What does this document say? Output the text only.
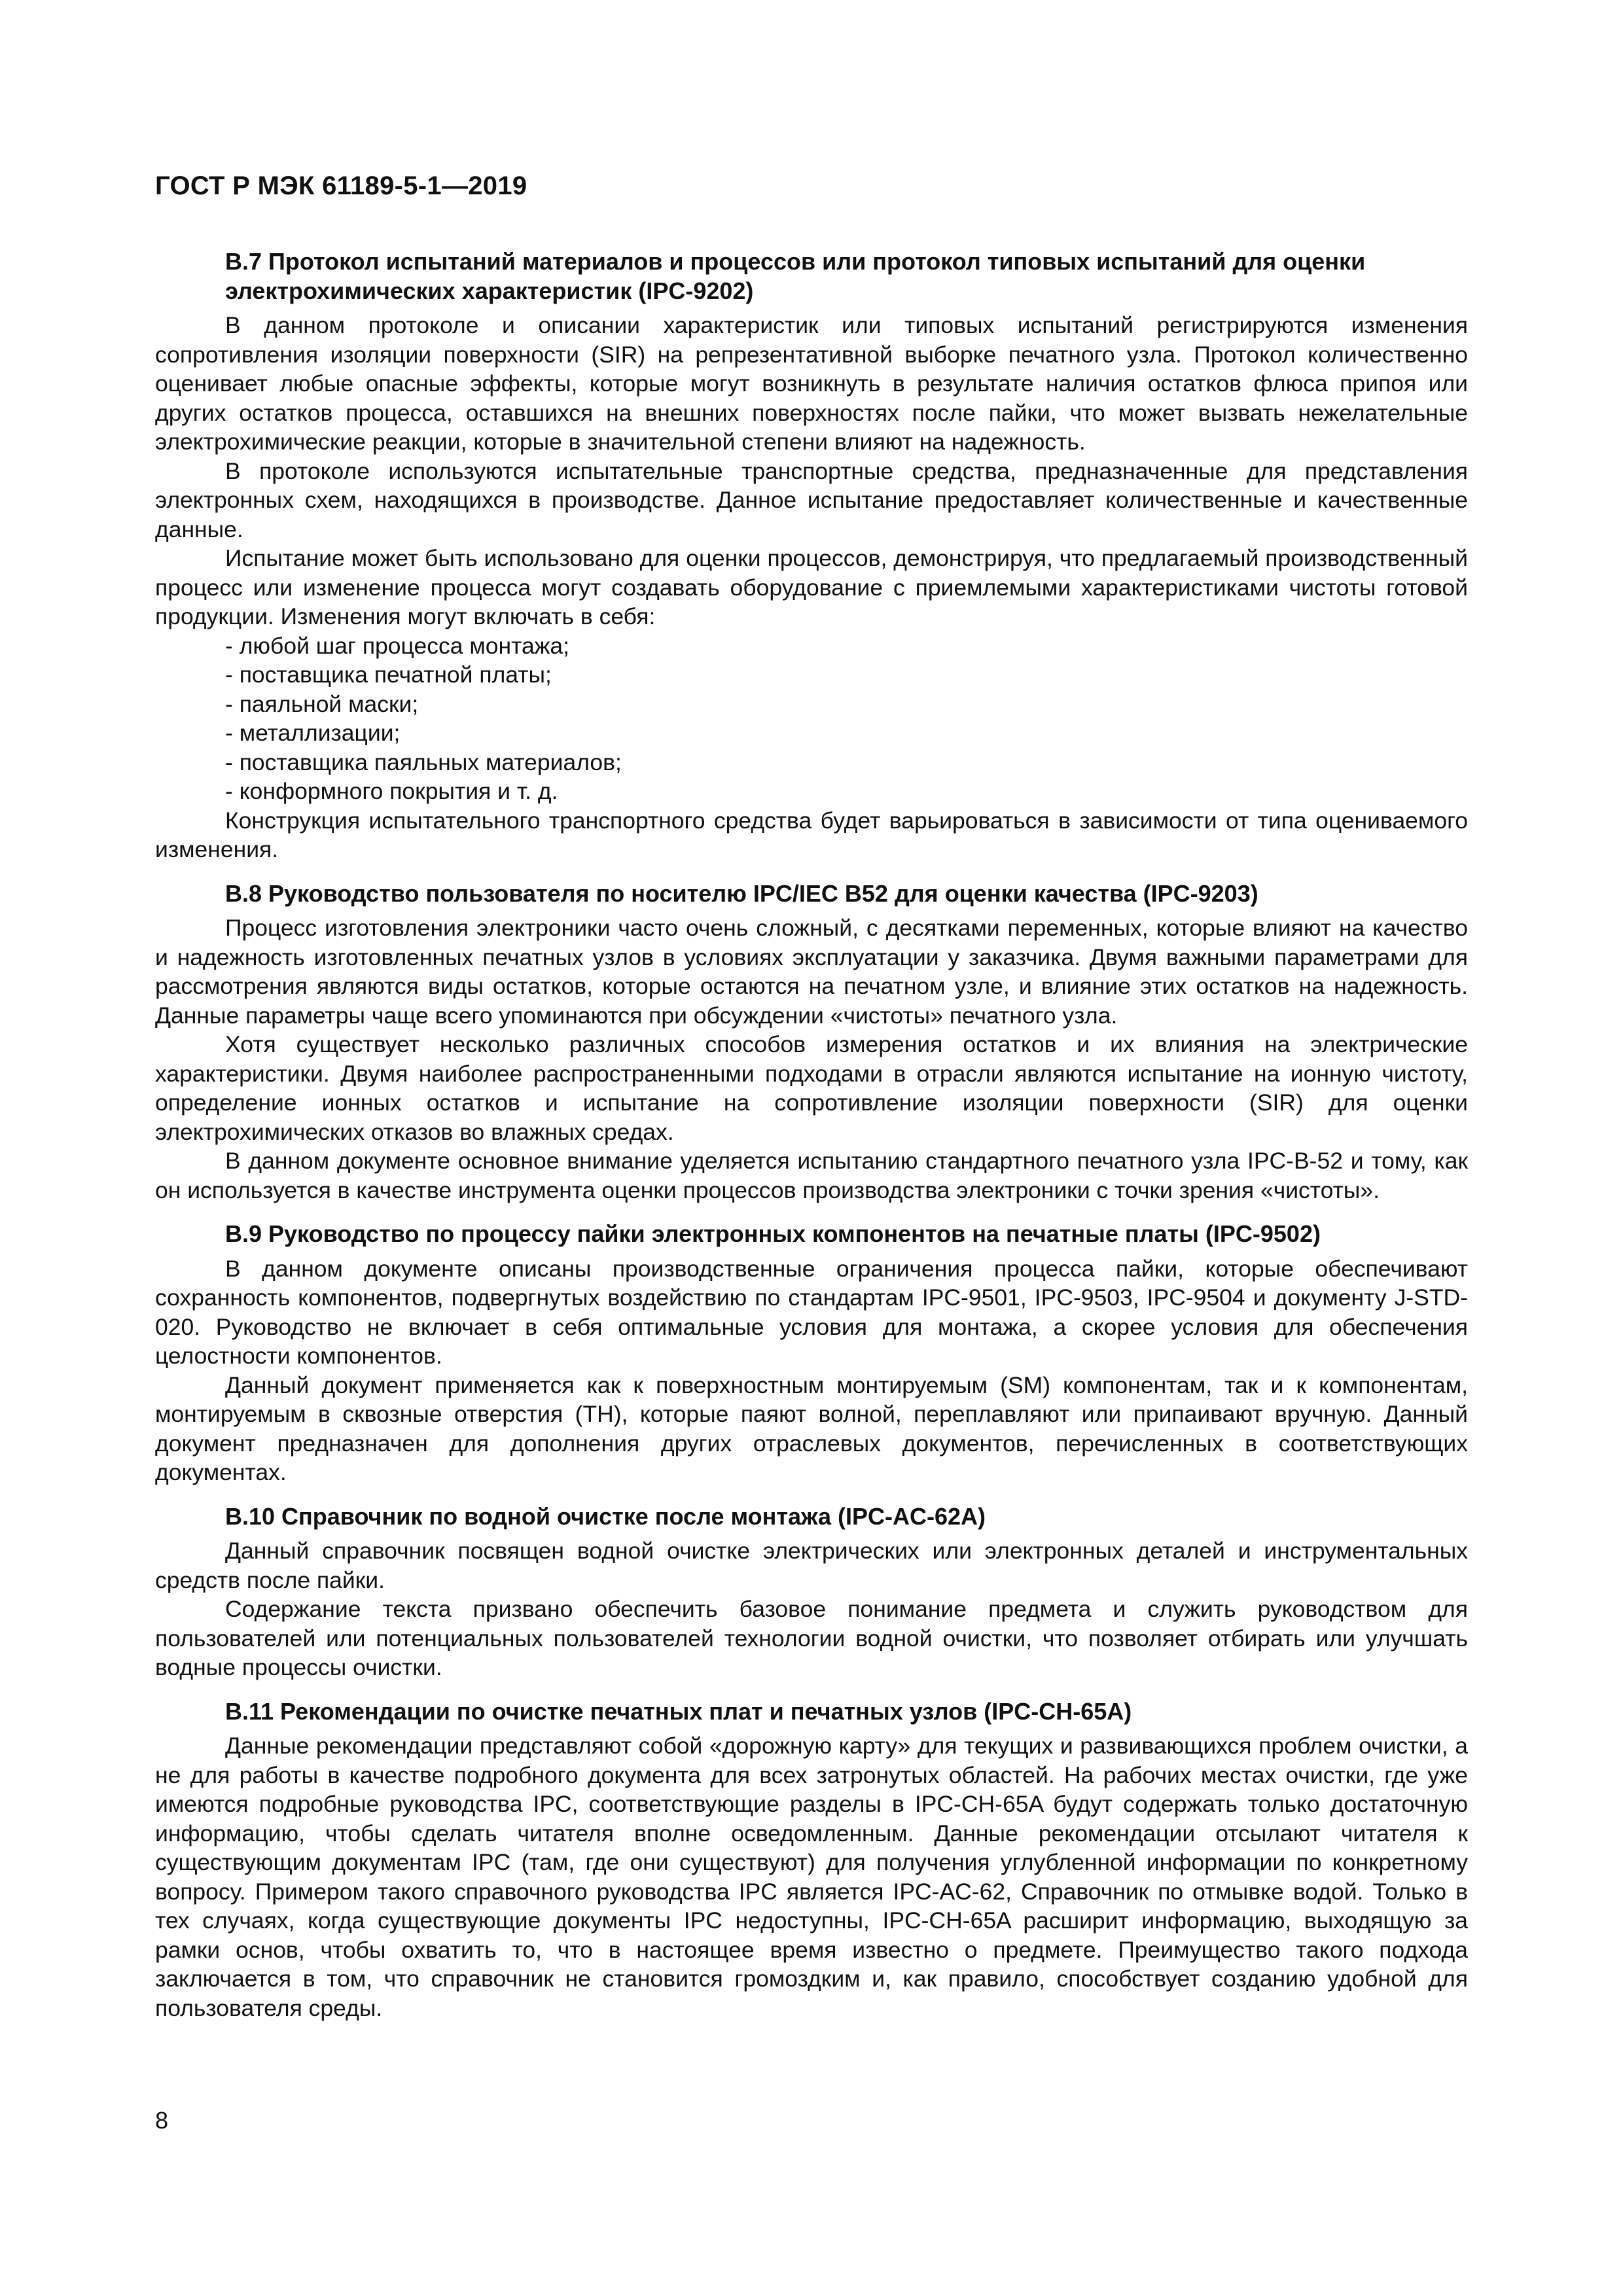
ГОСТ Р МЭК 61189-5-1—2019
B.7 Протокол испытаний материалов и процессов или протокол типовых испытаний для оценки электрохимических характеристик (IPC-9202)

В данном протоколе и описании характеристик или типовых испытаний регистрируются изменения сопротивления изоляции поверхности (SIR) на репрезентативной выборке печатного узла. Протокол количественно оценивает любые опасные эффекты, которые могут возникнуть в результате наличия остатков флюса припоя или других остатков процесса, оставшихся на внешних поверхностях после пайки, что может вызвать нежелательные электрохимические реакции, которые в значительной степени влияют на надежность.

В протоколе используются испытательные транспортные средства, предназначенные для представления электронных схем, находящихся в производстве. Данное испытание предоставляет количественные и качественные данные.

Испытание может быть использовано для оценки процессов, демонстрируя, что предлагаемый производственный процесс или изменение процесса могут создавать оборудование с приемлемыми характеристиками чистоты готовой продукции. Изменения могут включать в себя:

- любой шаг процесса монтажа;
- поставщика печатной платы;
- паяльной маски;
- металлизации;
- поставщика паяльных материалов;
- конформного покрытия и т. д.

Конструкция испытательного транспортного средства будет варьироваться в зависимости от типа оцениваемого изменения.

B.8 Руководство пользователя по носителю IPC/IEC B52 для оценки качества (IPC-9203)

Процесс изготовления электроники часто очень сложный, с десятками переменных, которые влияют на качество и надежность изготовленных печатных узлов в условиях эксплуатации у заказчика. Двумя важными параметрами для рассмотрения являются виды остатков, которые остаются на печатном узле, и влияние этих остатков на надежность. Данные параметры чаще всего упоминаются при обсуждении «чистоты» печатного узла.

Хотя существует несколько различных способов измерения остатков и их влияния на электрические характеристики. Двумя наиболее распространенными подходами в отрасли являются испытание на ионную чистоту, определение ионных остатков и испытание на сопротивление изоляции поверхности (SIR) для оценки электрохимических отказов во влажных средах.

В данном документе основное внимание уделяется испытанию стандартного печатного узла IPC-B-52 и тому, как он используется в качестве инструмента оценки процессов производства электроники с точки зрения «чистоты».

B.9 Руководство по процессу пайки электронных компонентов на печатные платы (IPC-9502)

В данном документе описаны производственные ограничения процесса пайки, которые обеспечивают сохранность компонентов, подвергнутых воздействию по стандартам IPC-9501, IPC-9503, IPC-9504 и документу J-STD-020. Руководство не включает в себя оптимальные условия для монтажа, а скорее условия для обеспечения целостности компонентов.

Данный документ применяется как к поверхностным монтируемым (SM) компонентам, так и к компонентам, монтируемым в сквозные отверстия (TH), которые паяют волной, переплавляют или припаивают вручную. Данный документ предназначен для дополнения других отраслевых документов, перечисленных в соответствующих документах.

B.10 Справочник по водной очистке после монтажа (IPC-AC-62A)

Данный справочник посвящен водной очистке электрических или электронных деталей и инструментальных средств после пайки.

Содержание текста призвано обеспечить базовое понимание предмета и служить руководством для пользователей или потенциальных пользователей технологии водной очистки, что позволяет отбирать или улучшать водные процессы очистки.

B.11 Рекомендации по очистке печатных плат и печатных узлов (IPC-CH-65A)

Данные рекомендации представляют собой «дорожную карту» для текущих и развивающихся проблем очистки, а не для работы в качестве подробного документа для всех затронутых областей. На рабочих местах очистки, где уже имеются подробные руководства IPC, соответствующие разделы в IPC-CH-65A будут содержать только достаточную информацию, чтобы сделать читателя вполне осведомленным. Данные рекомендации отсылают читателя к существующим документам IPC (там, где они существуют) для получения углубленной информации по конкретному вопросу. Примером такого справочного руководства IPC является IPC-AC-62, Справочник по отмывке водой. Только в тех случаях, когда существующие документы IPC недоступны, IPC-CH-65A расширит информацию, выходящую за рамки основ, чтобы охватить то, что в настоящее время известно о предмете. Преимущество такого подхода заключается в том, что справочник не становится громоздким и, как правило, способствует созданию удобной для пользователя среды.

8
